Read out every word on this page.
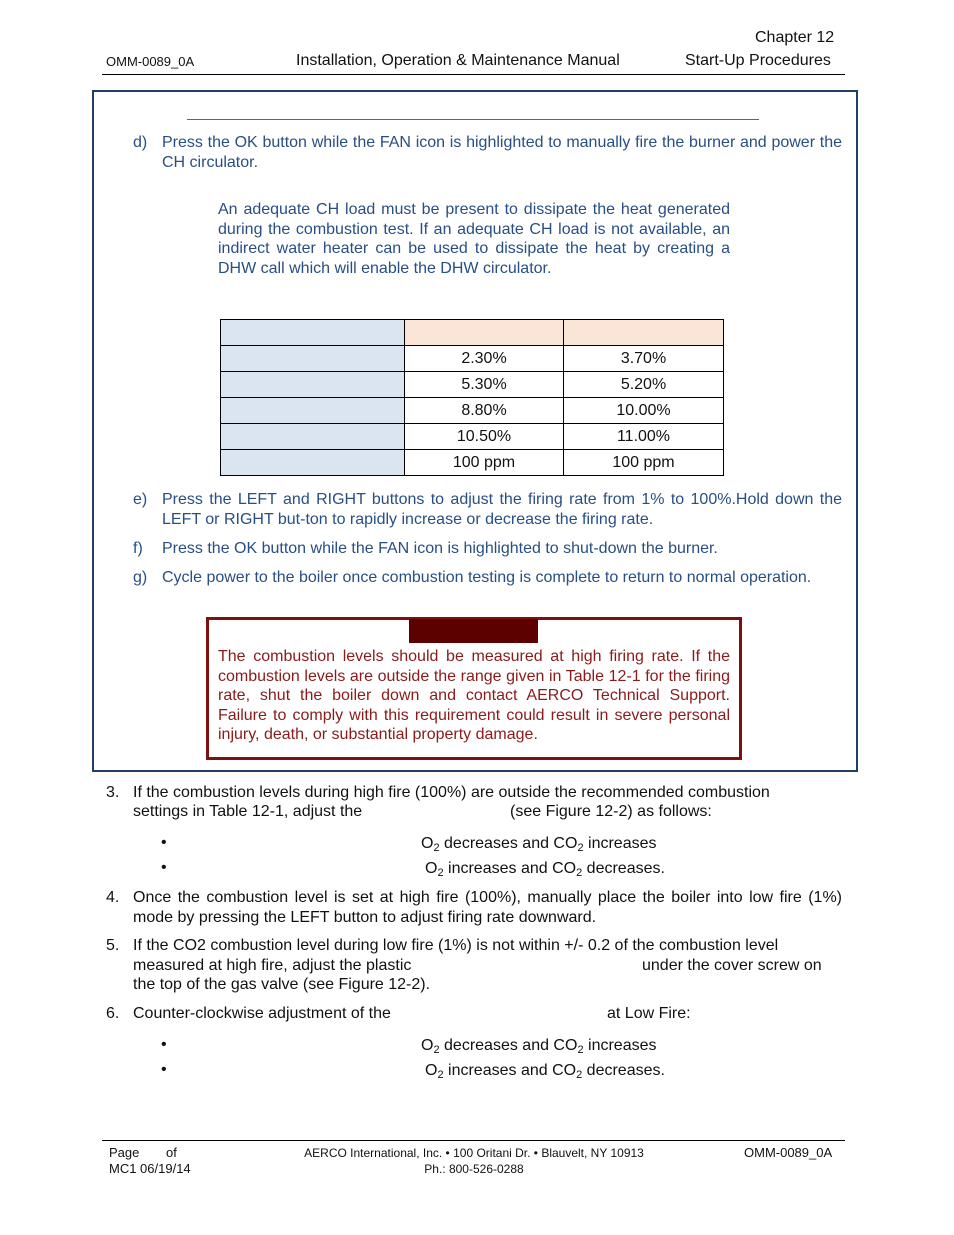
OMM-0089_0A	Installation, Operation & Maintenance Manual
Chapter 12
Start-Up Procedures
d) Press the OK button while the FAN icon is highlighted to manually fire the burner and power the CH circulator.
An adequate CH load must be present to dissipate the heat generated during the combustion test. If an adequate CH load is not available, an indirect water heater can be used to dissipate the heat by creating a DHW call which will enable the DHW circulator.

	2.30%	3.70%
	5.30%	5.20%
	8.80%	10.00%
	10.50%	11.00%
	100 ppm	100 ppm
e) Press the LEFT and RIGHT buttons to adjust the firing rate from 1% to 100%.Hold down the LEFT or RIGHT but-ton to rapidly increase or decrease the firing rate.
f) Press the OK button while the FAN icon is highlighted to shut-down the burner.
g) Cycle power to the boiler once combustion testing is complete to return to normal operation.
The combustion levels should be measured at high firing rate. If the combustion levels are outside the range given in Table 12-1 for the firing rate, shut the boiler down and contact AERCO Technical Support. Failure to comply with this requirement could result in severe personal injury, death, or substantial property damage.
3. If the combustion levels during high fire (100%) are outside the recommended combustion
settings in Table 12-1, adjust the	(see Figure 12-2) as follows:
•	$O_2$ decreases and $CO_2$ increases
•	$O_2$ increases and $CO_2$ decreases.
4. Once the combustion level is set at high fire (100%), manually place the boiler into low fire (1%) mode by pressing the LEFT button to adjust firing rate downward.
5. If the CO2 combustion level during low fire (1%) is not within +/- 0.2 of the combustion level
measured at high fire, adjust the plastic	under the cover screw on
the top of the gas valve (see Figure 12-2).
6. Counter-clockwise adjustment of the	at Low Fire:
•	$O_2$ decreases and $CO_2$ increases
•	$O_2$ increases and $CO_2$ decreases.
Page of
MC1 06/19/14
AERCO International, Inc. • 100 Oritani Dr. • Blauvelt, NY 10913
Ph.: 800-526-0288
OMM-0089_0A
